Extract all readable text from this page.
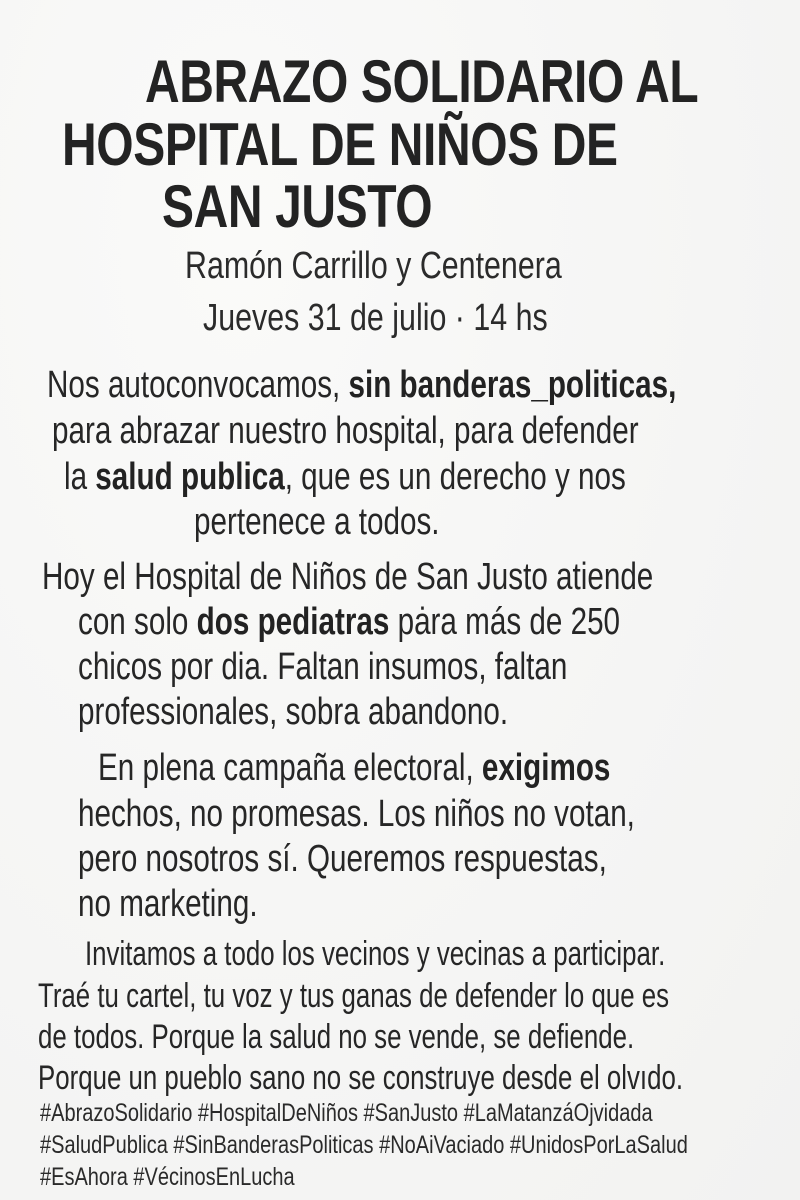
ABRAZO SOLIDARIO AL
HOSPITAL DE NIÑOS DE
SAN JUSTO
Ramón Carrillo y Centenera
Jueves 31 de julio · 14 hs
Nos autoconvocamos, sin banderas_politicas,
para abrazar nuestro hospital, para defender
la salud publica, que es un derecho y nos
pertenece a todos.
Hoy el Hospital de Niños de San Justo atiende
con solo dos pediatras pȧra más de 250
chicos por dia. Faltan insumos, faltan
professionales, sobra abandono.
En plena campaña electoral, exigimos
hechos, no promesas. Los niños no votan,
pero nosotros sí. Queremos respuestas,
no marketing.
Invitamos a todo los vecinos y vecinas a participar.
Traé tu cartel, tu voz y tus ganas de defender lo que es
de todos. Porque la salud no se vende, se defiende.
Porque un pueblo sano no se construye desde el olvıdo.
#AbrazoSolidario #HospitalDeNiños #SanJusto #LaMatanzáOjvidada
#SaludPublica #SinBanderasPoliticas #NoAiVaciado #UnidosPorLaSalud
#EsAhora #VécinosEnLucha
